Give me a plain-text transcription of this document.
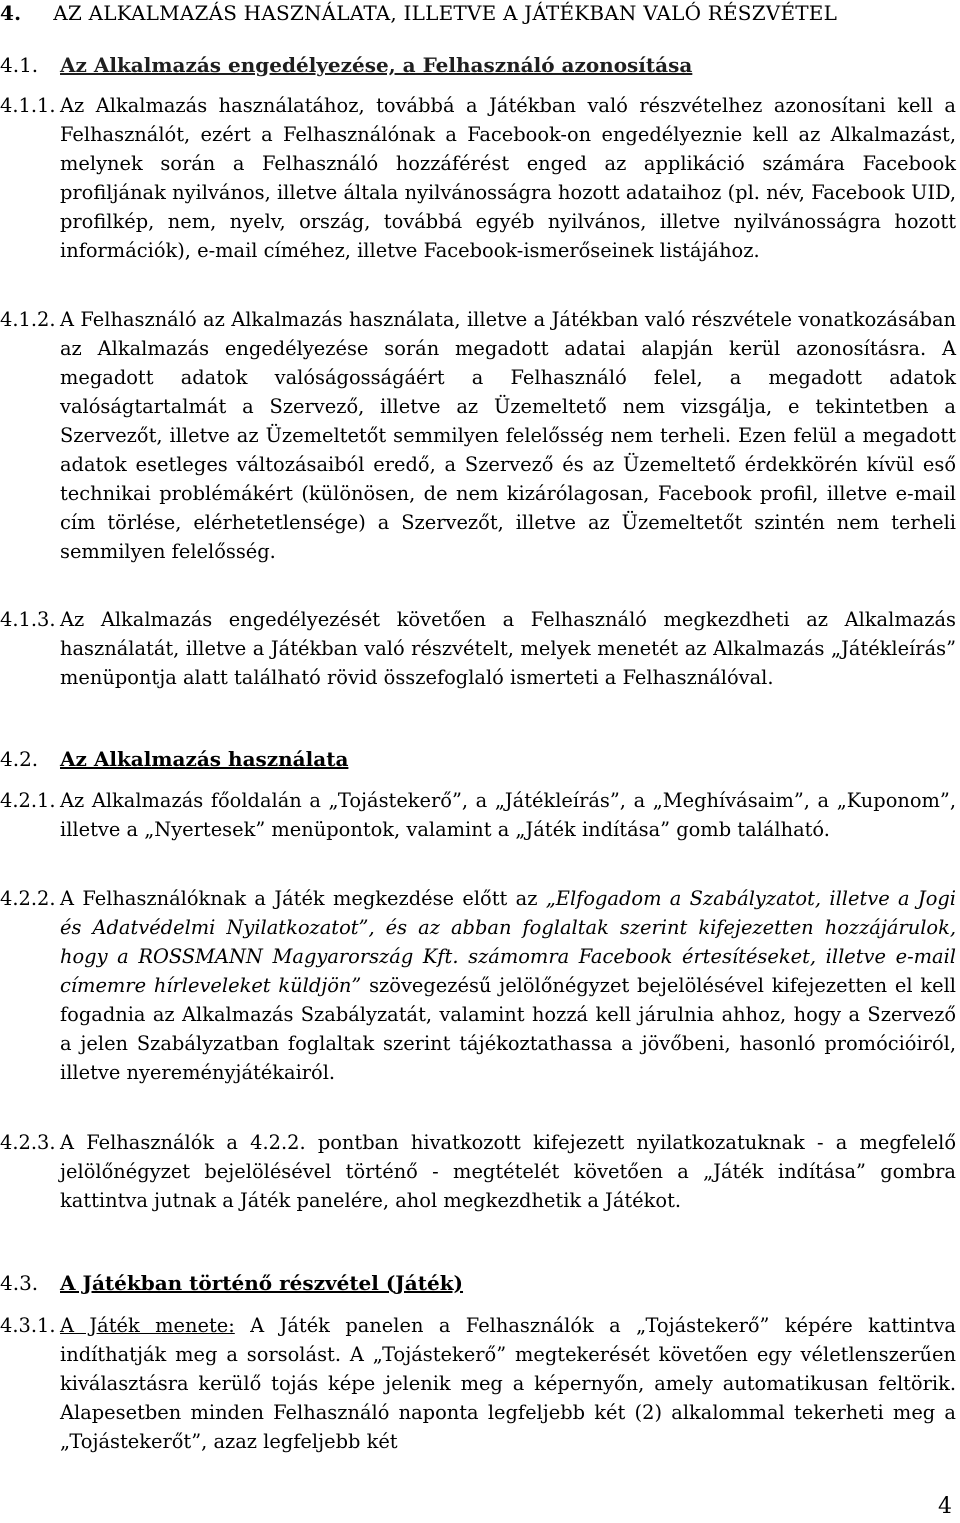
4. AZ ALKALMAZÁS HASZNÁLATA, ILLETVE A JÁTÉKBAN VALÓ RÉSZVÉTEL
4.1. Az Alkalmazás engedélyezése, a Felhasználó azonosítása
4.1.1. Az Alkalmazás használatához, továbbá a Játékban való részvételhez azonosítani kell a Felhasználót, ezért a Felhasználónak a Facebook-on engedélyeznie kell az Alkalmazást, melynek során a Felhasználó hozzáférést enged az applikáció számára Facebook profiljának nyilvános, illetve általa nyilvánosságra hozott adataihoz (pl. név, Facebook UID, profilkép, nem, nyelv, ország, továbbá egyéb nyilvános, illetve nyilvánosságra hozott információk), e-mail címéhez, illetve Facebook-ismerőseinek listájához.
4.1.2. A Felhasználó az Alkalmazás használata, illetve a Játékban való részvétele vonatkozásában az Alkalmazás engedélyezése során megadott adatai alapján kerül azonosításra. A megadott adatok valóságosságáért a Felhasználó felel, a megadott adatok valóságtartalmát a Szervező, illetve az Üzemeltető nem vizsgálja, e tekintetben a Szervezőt, illetve az Üzemeltetőt semmilyen felelősség nem terheli. Ezen felül a megadott adatok esetleges változásaiból eredő, a Szervező és az Üzemeltető érdekkörén kívül eső technikai problémákért (különösen, de nem kizárólagosan, Facebook profil, illetve e-mail cím törlése, elérhetetlensége) a Szervezőt, illetve az Üzemeltetőt szintén nem terheli semmilyen felelősség.
4.1.3. Az Alkalmazás engedélyezését követően a Felhasználó megkezdheti az Alkalmazás használatát, illetve a Játékban való részvételt, melyek menetét az Alkalmazás „Játékleírás” menüpontja alatt található rövid összefoglaló ismerteti a Felhasználóval.
4.2. Az Alkalmazás használata
4.2.1. Az Alkalmazás főoldalán a „Tojástekerő”, a „Játékleírás”, a „Meghívásaim”, a „Kuponom”, illetve a „Nyertesek” menüpontok, valamint a „Játék indítása” gomb található.
4.2.2. A Felhasználóknak a Játék megkezdése előtt az „Elfogadom a Szabályzatot, illetve a Jogi és Adatvédelmi Nyilatkozatot”, és az abban foglaltak szerint kifejezetten hozzájárulok, hogy a ROSSMANN Magyarország Kft. számomra Facebook értesítéseket, illetve e-mail címemre hírleveleket küldjön” szövegezésű jelölőnégyzet bejelölésével kifejezetten el kell fogadnia az Alkalmazás Szabályzatát, valamint hozzá kell járulnia ahhoz, hogy a Szervező a jelen Szabályzatban foglaltak szerint tájékoztathassa a jövőbeni, hasonló promócióiról, illetve nyereményjátékairól.
4.2.3. A Felhasználók a 4.2.2. pontban hivatkozott kifejezett nyilatkozatuknak - a megfelelő jelölőnégyzet bejelölésével történő - megtételét követően a „Játék indítása” gombra kattintva jutnak a Játék panelére, ahol megkezdhetik a Játékot.
4.3. A Játékban történő részvétel (Játék)
4.3.1. A Játék menete: A Játék panelen a Felhasználók a „Tojástekerő” képére kattintva indíthatják meg a sorsolást. A „Tojástekerő” megtekerését követően egy véletlenszerűen kiválasztásra kerülő tojás képe jelenik meg a képernyőn, amely automatikusan feltörik. Alapesetben minden Felhasználó naponta legfeljebb két (2) alkalommal tekerheti meg a „Tojástekerőt”, azaz legfeljebb két
4
